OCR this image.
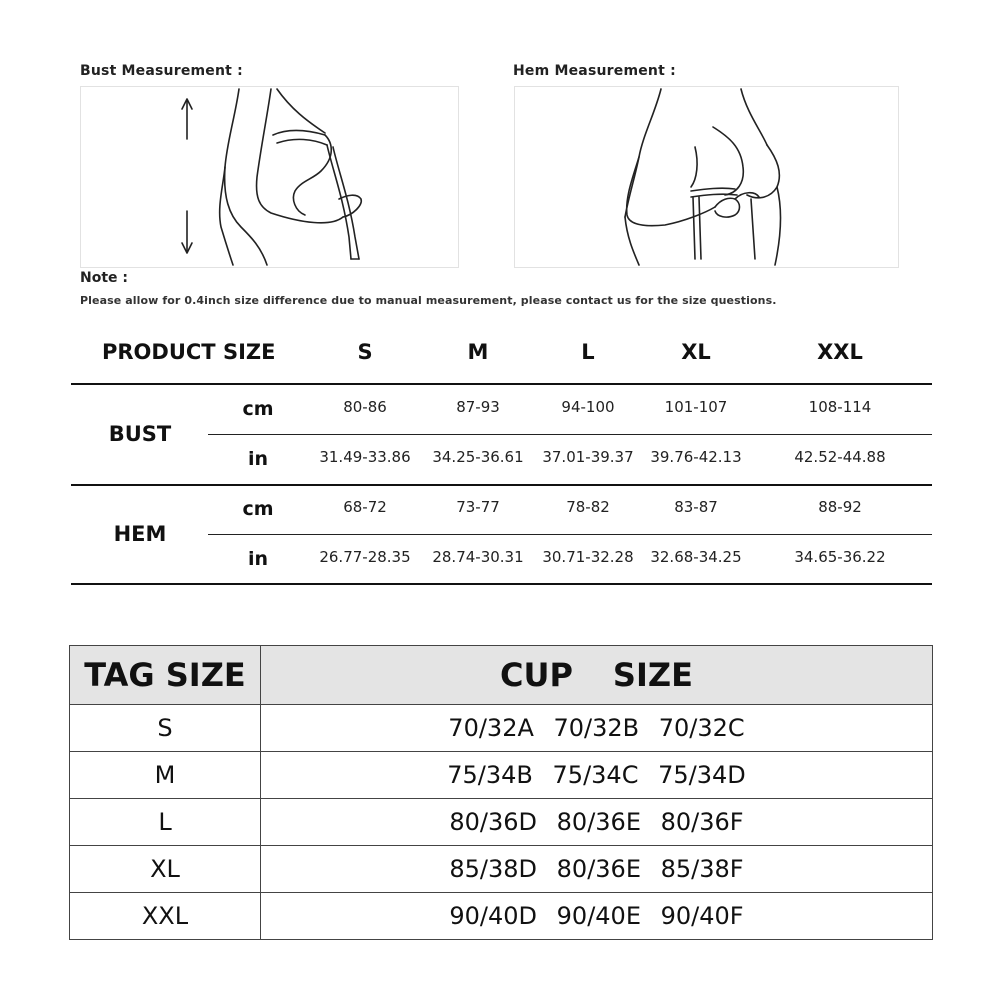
Bust Measurement :	Hem Measurement :
Note :
Please allow for 0.4inch size difference due to manual measurement, please contact us for the size questions.
PRODUCT SIZE	S	M	L	XL	XXL
BUST
cm	80-86	87-93	94-100	101-107	108-114
in	31.49-33.86	34.25-36.61	37.01-39.37	39.76-42.13	42.52-44.88
HEM
cm	68-72	73-77	78-82	83-87	88-92
in	26.77-28.35	28.74-30.31	30.71-32.28	32.68-34.25	34.65-36.22
TAG SIZE	CUP SIZE
S	70/32A 70/32B 70/32C
M	75/34B 75/34C 75/34D
L	80/36D 80/36E 80/36F
XL	85/38D 80/36E 85/38F
XXL	90/40D 90/40E 90/40F
